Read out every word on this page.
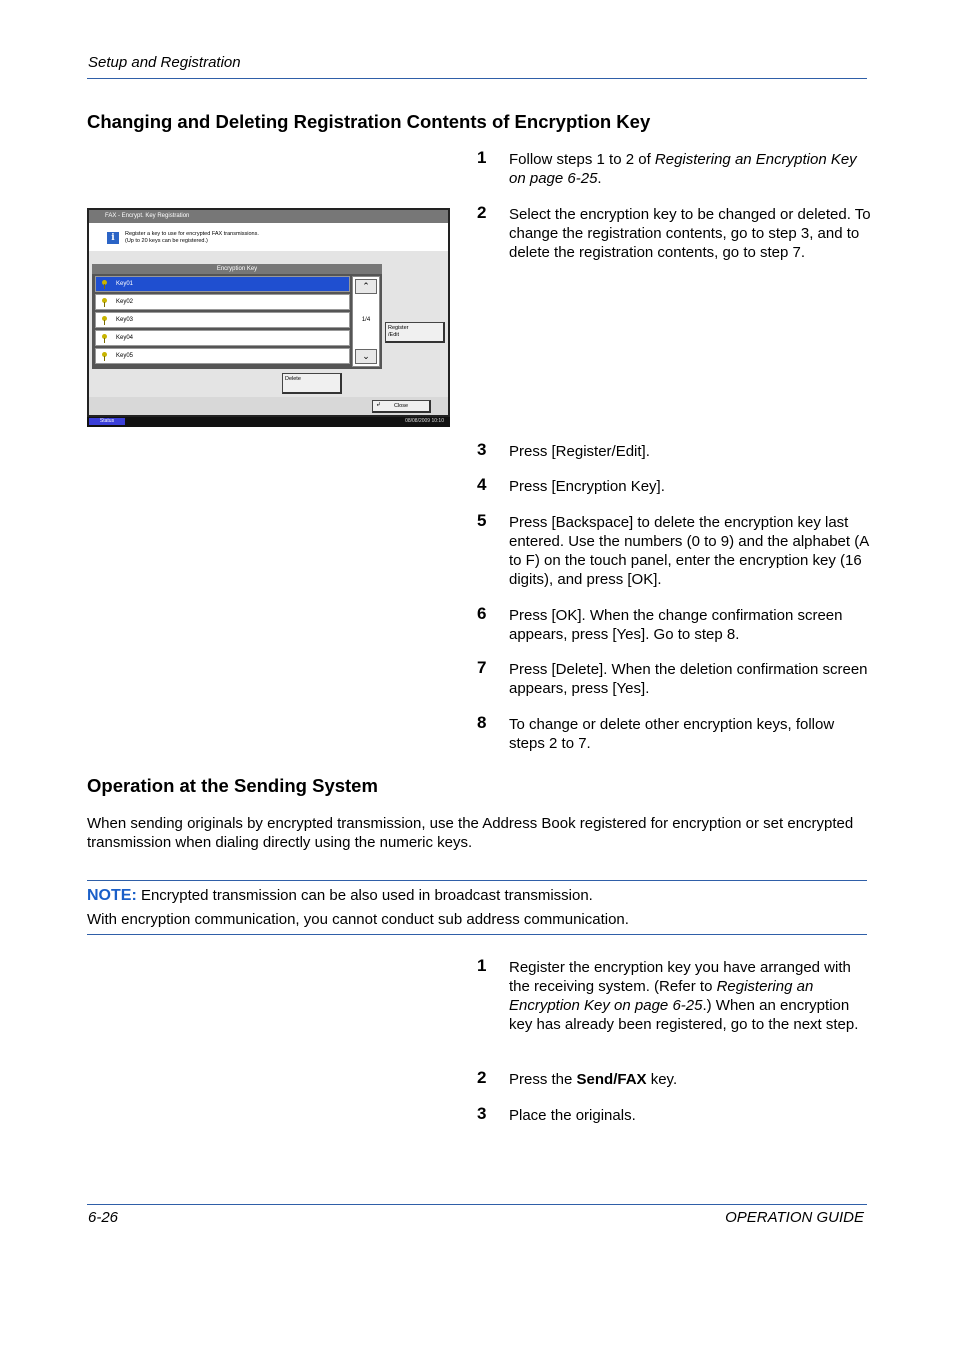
Setup and Registration
Changing and Deleting Registration Contents of Encryption Key
1 Follow steps 1 to 2 of Registering an Encryption Key on page 6-25.
2 Select the encryption key to be changed or deleted. To change the registration contents, go to step 3, and to delete the registration contents, go to step 7.
FAX - Encrypt. Key Registration
i	Register a key to use for encrypted FAX transmissions.
(Up to 20 keys can be registered.)
Encryption Key
Key01
Key02
Key03
Key04
Key05
⌃
1/4
⌄
Register
/Edit
Delete
↲ Close
Status	08/08/2009 10:10
3 Press [Register/Edit].
4 Press [Encryption Key].
5 Press [Backspace] to delete the encryption key last entered. Use the numbers (0 to 9) and the alphabet (A to F) on the touch panel, enter the encryption key (16 digits), and press [OK].
6 Press [OK]. When the change confirmation screen appears, press [Yes]. Go to step 8.
7 Press [Delete]. When the deletion confirmation screen appears, press [Yes].
8 To change or delete other encryption keys, follow steps 2 to 7.
Operation at the Sending System
When sending originals by encrypted transmission, use the Address Book registered for encryption or set encrypted transmission when dialing directly using the numeric keys.
NOTE: Encrypted transmission can be also used in broadcast transmission.
With encryption communication, you cannot conduct sub address communication.
1 Register the encryption key you have arranged with the receiving system. (Refer to Registering an Encryption Key on page 6-25.) When an encryption key has already been registered, go to the next step.
2 Press the Send/FAX key.
3 Place the originals.
6-26	OPERATION GUIDE
